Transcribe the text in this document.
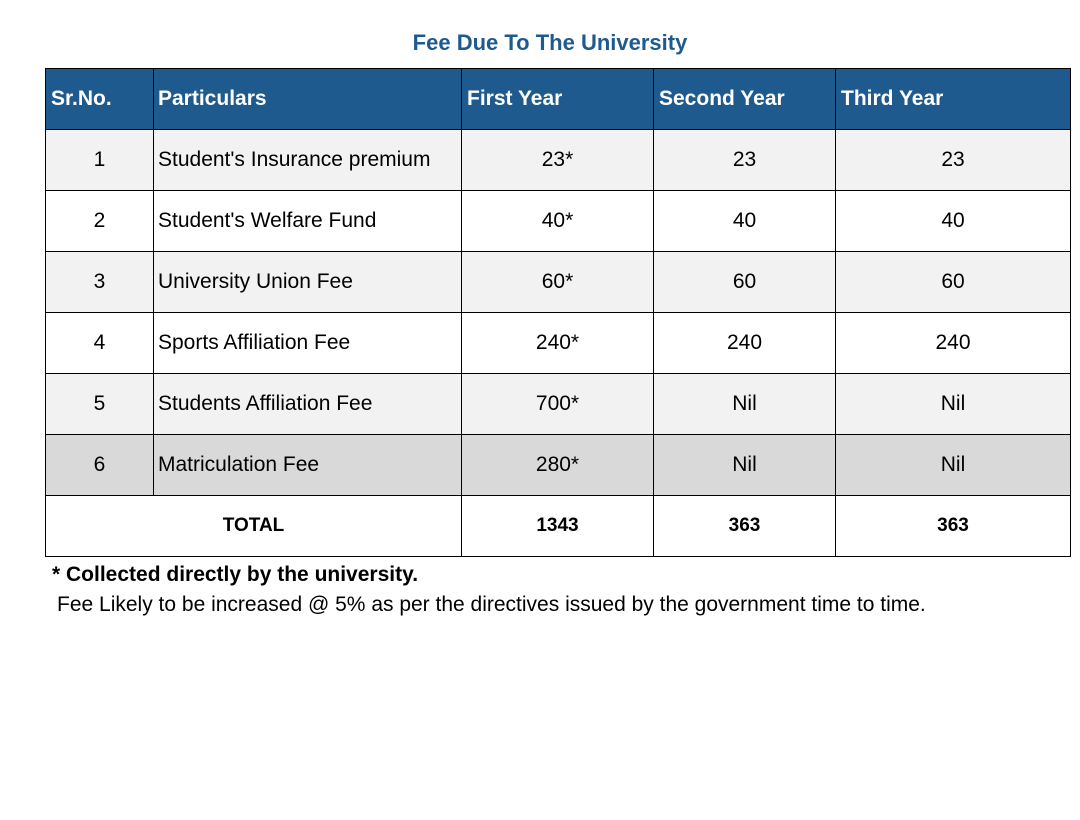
Fee Due To The University
Sr.No.	Particulars	First Year	Second Year	Third Year
1	Student's Insurance premium	23*	23	23
2	Student's Welfare Fund	40*	40	40
3	University Union Fee	60*	60	60
4	Sports Affiliation Fee	240*	240	240
5	Students Affiliation Fee	700*	Nil	Nil
6	Matriculation Fee	280*	Nil	Nil
TOTAL		1343	363	363
* Collected directly by the university.
Fee Likely to be increased @ 5% as per the directives issued by the government time to time.
